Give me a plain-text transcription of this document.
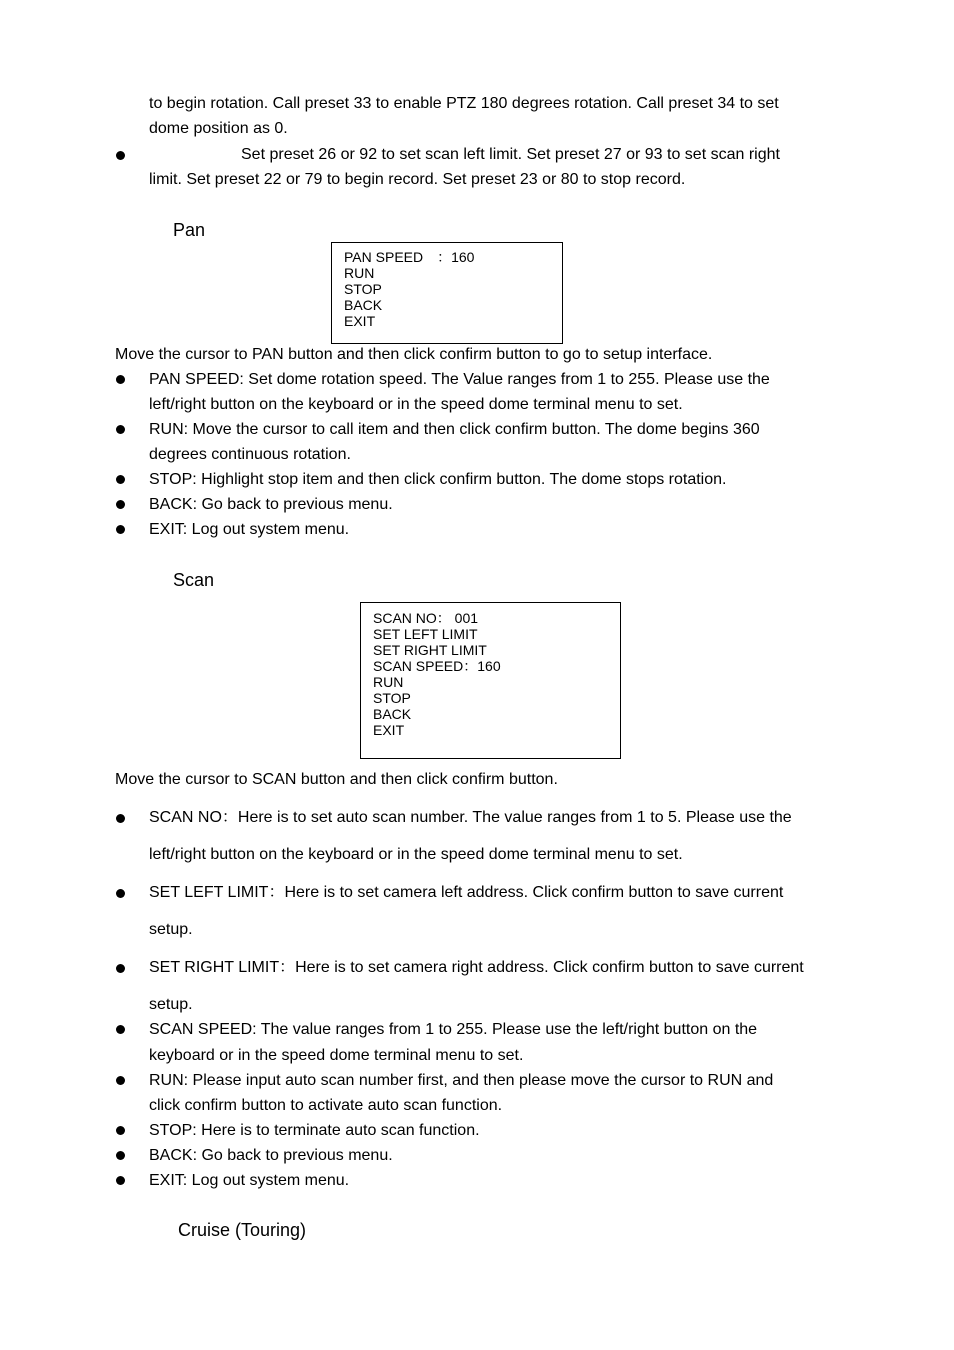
to begin rotation. Call preset 33 to enable PTZ 180 degrees rotation. Call preset 34 to set
dome position as 0.
Set preset 26 or 92 to set scan left limit. Set preset 27 or 93 to set scan right
limit. Set preset 22 or 79 to begin record. Set preset 23 or 80 to stop record.
Pan
PAN SPEED　：160
RUN
STOP
BACK
EXIT
Move the cursor to PAN button and then click confirm button to go to setup interface.
PAN SPEED: Set dome rotation speed. The Value ranges from 1 to 255. Please use the
left/right button on the keyboard or in the speed dome terminal menu to set.
RUN: Move the cursor to call item and then click confirm button. The dome begins 360
degrees continuous rotation.
STOP: Highlight stop item and then click confirm button. The dome stops rotation.
BACK: Go back to previous menu.
EXIT: Log out system menu.
Scan
SCAN NO： 001
SET LEFT LIMIT
SET RIGHT LIMIT
SCAN SPEED：160
RUN
STOP
BACK
EXIT
Move the cursor to SCAN button and then click confirm button.
SCAN NO：Here is to set auto scan number. The value ranges from 1 to 5. Please use the
left/right button on the keyboard or in the speed dome terminal menu to set.
SET LEFT LIMIT：Here is to set camera left address. Click confirm button to save current
setup.
SET RIGHT LIMIT：Here is to set camera right address. Click confirm button to save current
setup.
SCAN SPEED: The value ranges from 1 to 255. Please use the left/right button on the
keyboard or in the speed dome terminal menu to set.
RUN: Please input auto scan number first, and then please move the cursor to RUN and
click confirm button to activate auto scan function.
STOP: Here is to terminate auto scan function.
BACK: Go back to previous menu.
EXIT: Log out system menu.
Cruise (Touring)
